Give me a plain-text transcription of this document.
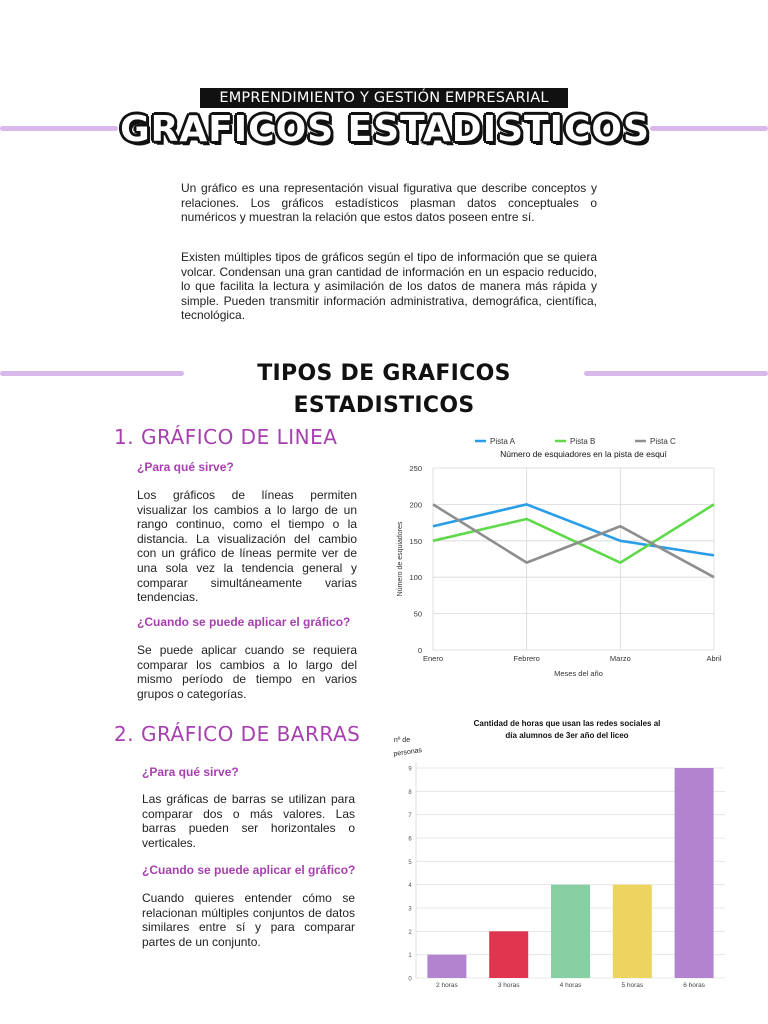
EMPRENDIMIENTO Y GESTIÓN EMPRESARIAL
GRAFICOS ESTADISTICOS

Un gráfico es una representación visual figurativa que describe conceptos y relaciones. Los gráficos estadísticos plasman datos conceptuales o numéricos y muestran la relación que estos datos poseen entre sí.

Existen múltiples tipos de gráficos según el tipo de información que se quiera volcar. Condensan una gran cantidad de información en un espacio reducido, lo que facilita la lectura y asimilación de los datos de manera más rápida y simple. Pueden transmitir información administrativa, demográfica, científica, tecnológica.

TIPOS DE GRAFICOS ESTADISTICOS
1. GRÁFICO DE LINEA
¿Para qué sirve?

Los gráficos de líneas permiten visualizar los cambios a lo largo de un rango continuo, como el tiempo o la distancia. La visualización del cambio con un gráfico de líneas permite ver de una sola vez la tendencia general y comparar simultáneamente varias tendencias.

¿Cuando se puede aplicar el gráfico?

Se puede aplicar cuando se requiera comparar los cambios a lo largo del mismo período de tiempo en varios grupos o categorías.

2. GRÁFICO DE BARRAS
¿Para qué sirve?

Las gráficas de barras se utilizan para comparar dos o más valores. Las barras pueden ser horizontales o verticales.

¿Cuando se puede aplicar el gráfico?

Cuando quieres entender cómo se relacionan múltiples conjuntos de datos similares entre sí y para comparar partes de un conjunto.

Pista A	Pista B	Pista C
Número de esquiadores en la pista de esquí
0
50
100
150
200
250
Enero	Febrero	Marzo	Abril
Meses del año
Número de esquiadores
Cantidad de horas que usan las redes sociales al
día alumnos de 3er año del liceo
nº de
personas
0
1
2
3
4
5
6
7
8
9
2 horas	3 horas	4 horas	5 horas	6 horas
